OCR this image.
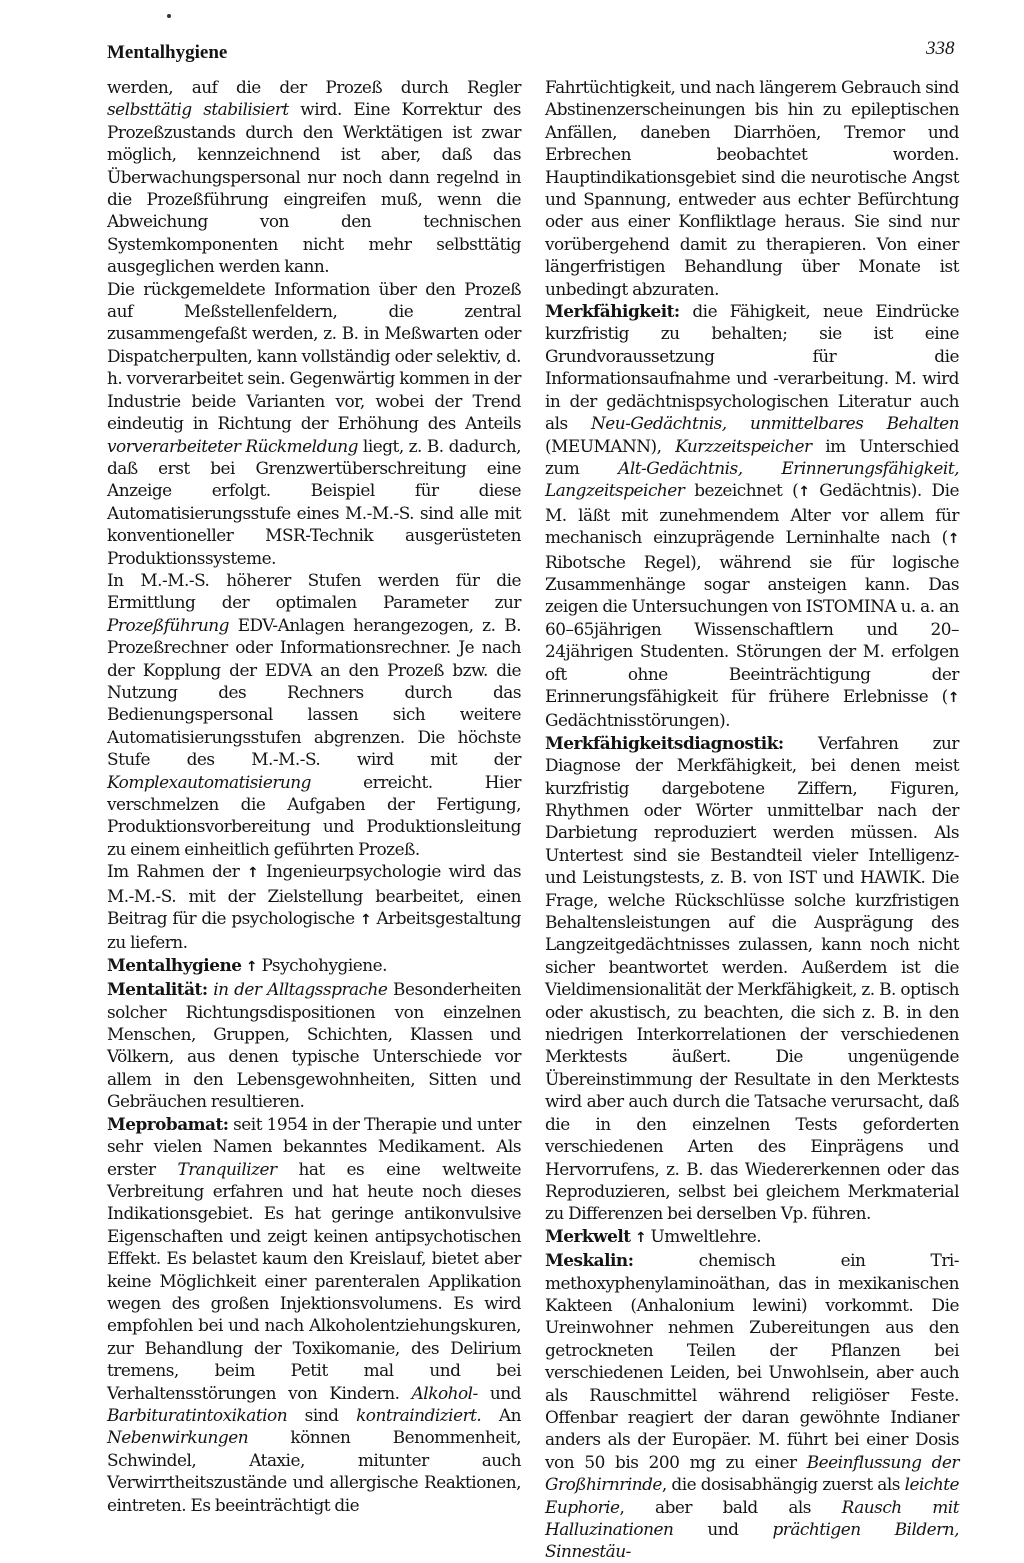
Mentalhygiene	338

werden, auf die der Prozeß durch Regler selbsttätig stabilisiert wird. Eine Korrektur des Prozeßzustands durch den Werktätigen ist zwar möglich, kennzeichnend ist aber, daß das Überwachungspersonal nur noch dann regelnd in die Prozeßführung eingreifen muß, wenn die Abweichung von den technischen Systemkomponenten nicht mehr selbsttätig ausgeglichen werden kann.

Die rückgemeldete Information über den Prozeß auf Meßstellenfeldern, die zentral zusammengefaßt werden, z. B. in Meßwarten oder Dispatcherpulten, kann vollständig oder selektiv, d. h. vorverarbeitet sein. Gegenwärtig kommen in der Industrie beide Varianten vor, wobei der Trend eindeutig in Richtung der Erhöhung des Anteils vorverarbeiteter Rückmeldung liegt, z. B. dadurch, daß erst bei Grenzwertüberschreitung eine Anzeige erfolgt. Beispiel für diese Automatisierungsstufe eines M.-M.-S. sind alle mit konventioneller MSR-Technik ausgerüsteten Produktionssysteme.

In M.-M.-S. höherer Stufen werden für die Ermittlung der optimalen Parameter zur Prozeßführung EDV-Anlagen herangezogen, z. B. Prozeßrechner oder Informationsrechner. Je nach der Kopplung der EDVA an den Prozeß bzw. die Nutzung des Rechners durch das Bedienungspersonal lassen sich weitere Automatisierungsstufen abgrenzen. Die höchste Stufe des M.-M.-S. wird mit der Komplexautomatisierung erreicht. Hier verschmelzen die Aufgaben der Fertigung, Produktionsvorbereitung und Produktionsleitung zu einem einheitlich geführten Prozeß.

Im Rahmen der ↑ Ingenieurpsychologie wird das M.-M.-S. mit der Zielstellung bearbeitet, einen Beitrag für die psychologische ↑ Arbeitsgestaltung zu liefern.

Mentalhygiene ↑ Psychohygiene.

Mentalität: in der Alltagssprache Besonderheiten solcher Richtungsdispositionen von einzelnen Menschen, Gruppen, Schichten, Klassen und Völkern, aus denen typische Unterschiede vor allem in den Lebensgewohnheiten, Sitten und Gebräuchen resultieren.

Meprobamat: seit 1954 in der Therapie und unter sehr vielen Namen bekanntes Medikament. Als erster Tranquilizer hat es eine weltweite Verbreitung erfahren und hat heute noch dieses Indikationsgebiet. Es hat geringe antikonvulsive Eigenschaften und zeigt keinen antipsychotischen Effekt. Es belastet kaum den Kreislauf, bietet aber keine Möglichkeit einer parenteralen Applikation wegen des großen Injektionsvolumens. Es wird empfohlen bei und nach Alkoholentziehungskuren, zur Behandlung der Toxikomanie, des Delirium tremens, beim Petit mal und bei Verhaltensstörungen von Kindern. Alkohol- und Barbituratintoxikation sind kontraindiziert. An Nebenwirkungen können Benommenheit, Schwindel, Ataxie, mitunter auch Verwirrtheitszustände und allergische Reaktionen, eintreten. Es beeinträchtigt die

Fahrtüchtigkeit, und nach längerem Gebrauch sind Abstinenzerscheinungen bis hin zu epileptischen Anfällen, daneben Diarrhöen, Tremor und Erbrechen beobachtet worden. Hauptindikationsgebiet sind die neurotische Angst und Spannung, entweder aus echter Befürchtung oder aus einer Konfliktlage heraus. Sie sind nur vorübergehend damit zu therapieren. Von einer längerfristigen Behandlung über Monate ist unbedingt abzuraten.

Merkfähigkeit: die Fähigkeit, neue Eindrücke kurzfristig zu behalten; sie ist eine Grundvoraussetzung für die Informationsaufnahme und -verarbeitung. M. wird in der gedächtnispsychologischen Literatur auch als Neu-Gedächtnis, unmittelbares Behalten (MEUMANN), Kurzzeitspeicher im Unterschied zum Alt-Gedächtnis, Erinnerungsfähigkeit, Langzeitspeicher bezeichnet (↑ Gedächtnis). Die M. läßt mit zunehmendem Alter vor allem für mechanisch einzuprägende Lerninhalte nach (↑ Ribotsche Regel), während sie für logische Zusammenhänge sogar ansteigen kann. Das zeigen die Untersuchungen von ISTOMINA u. a. an 60–65jährigen Wissenschaftlern und 20–24jährigen Studenten. Störungen der M. erfolgen oft ohne Beeinträchtigung der Erinnerungsfähigkeit für frühere Erlebnisse (↑ Gedächtnisstörungen).

Merkfähigkeitsdiagnostik: Verfahren zur Diagnose der Merkfähigkeit, bei denen meist kurzfristig dargebotene Ziffern, Figuren, Rhythmen oder Wörter unmittelbar nach der Darbietung reproduziert werden müssen. Als Untertest sind sie Bestandteil vieler Intelligenz- und Leistungstests, z. B. von IST und HAWIK. Die Frage, welche Rückschlüsse solche kurzfristigen Behaltensleistungen auf die Ausprägung des Langzeitgedächtnisses zulassen, kann noch nicht sicher beantwortet werden. Außerdem ist die Vieldimensionalität der Merkfähigkeit, z. B. optisch oder akustisch, zu beachten, die sich z. B. in den niedrigen Interkorrelationen der verschiedenen Merktests äußert. Die ungenügende Übereinstimmung der Resultate in den Merktests wird aber auch durch die Tatsache verursacht, daß die in den einzelnen Tests geforderten verschiedenen Arten des Einprägens und Hervorrufens, z. B. das Wiedererkennen oder das Reproduzieren, selbst bei gleichem Merkmaterial zu Differenzen bei derselben Vp. führen.

Merkwelt ↑ Umweltlehre.

Meskalin: chemisch ein Tri-methoxyphenylaminoäthan, das in mexikanischen Kakteen (Anhalonium lewini) vorkommt. Die Ureinwohner nehmen Zubereitungen aus den getrockneten Teilen der Pflanzen bei verschiedenen Leiden, bei Unwohlsein, aber auch als Rauschmittel während religiöser Feste. Offenbar reagiert der daran gewöhnte Indianer anders als der Europäer. M. führt bei einer Dosis von 50 bis 200 mg zu einer Beeinflussung der Großhirnrinde, die dosisabhängig zuerst als leichte Euphorie, aber bald als Rausch mit Halluzinationen und prächtigen Bildern, Sinnestäu-
